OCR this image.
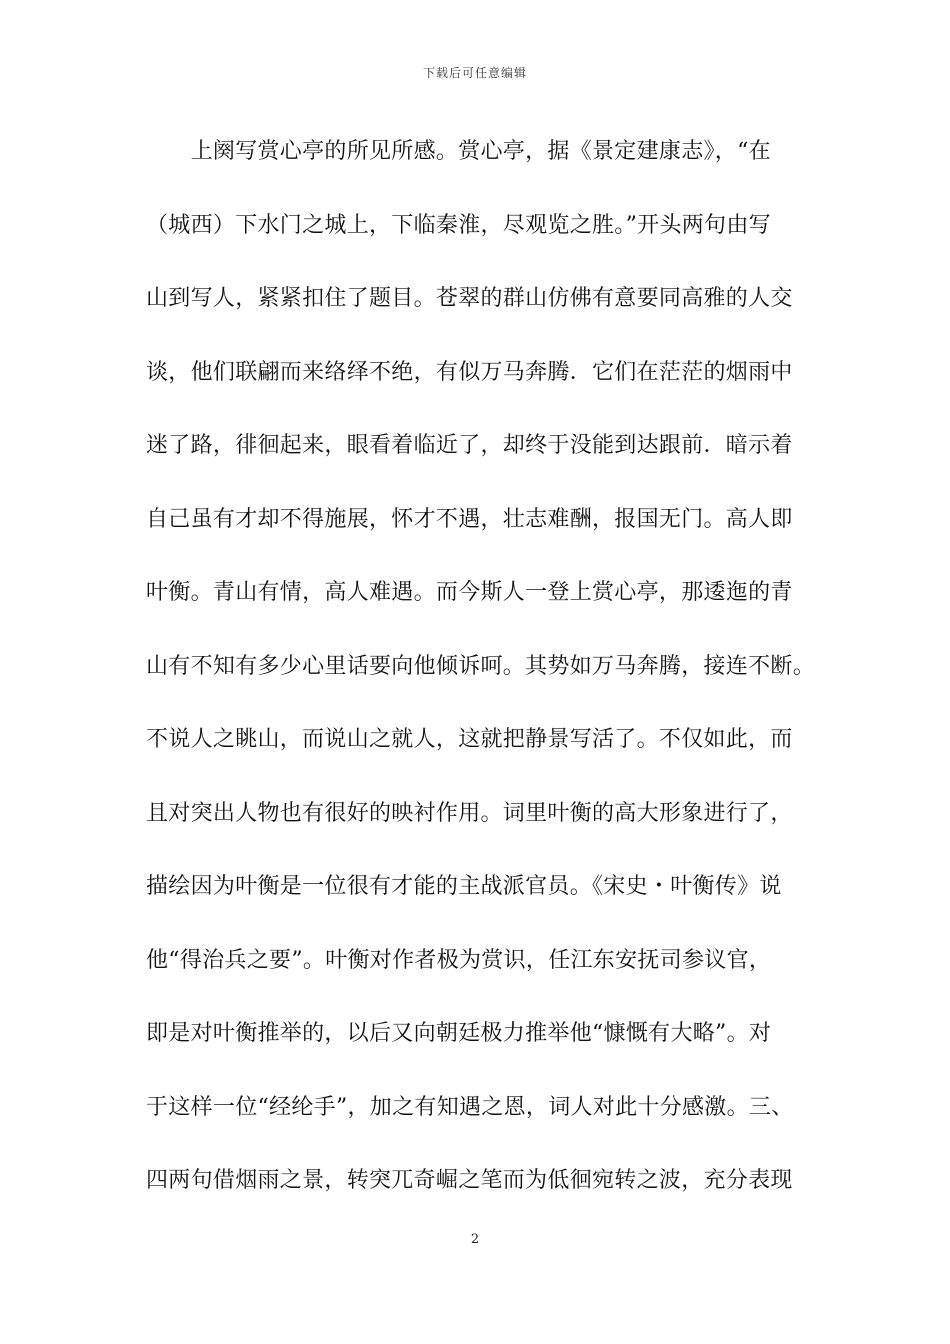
下载后可任意编辑
　　上阕写赏心亭的所见所感。赏心亭，据《景定建康志》，“在
（城西）下水门之城上，下临秦淮，尽观览之胜。”开头两句由写
山到写人，紧紧扣住了题目。苍翠的群山仿佛有意要同高雅的人交
谈，他们联翩而来络绎不绝，有似万马奔腾．它们在茫茫的烟雨中
迷了路，徘徊起来，眼看着临近了，却终于没能到达跟前．暗示着
自己虽有才却不得施展，怀才不遇，壮志难酬，报国无门。高人即
叶衡。青山有情，高人难遇。而今斯人一登上赏心亭，那逶迤的青
山有不知有多少心里话要向他倾诉呵。其势如万马奔腾，接连不断。
不说人之眺山，而说山之就人，这就把静景写活了。不仅如此，而
且对突出人物也有很好的映衬作用。词里叶衡的高大形象进行了，
描绘因为叶衡是一位很有才能的主战派官员。《宋史・叶衡传》说
他“得治兵之要”。叶衡对作者极为赏识，任江东安抚司参议官，
即是对叶衡推举的，以后又向朝廷极力推举他“慷慨有大略”。对
于这样一位“经纶手”，加之有知遇之恩，词人对此十分感激。三、
四两句借烟雨之景，转突兀奇崛之笔而为低徊宛转之波，充分表现
2
